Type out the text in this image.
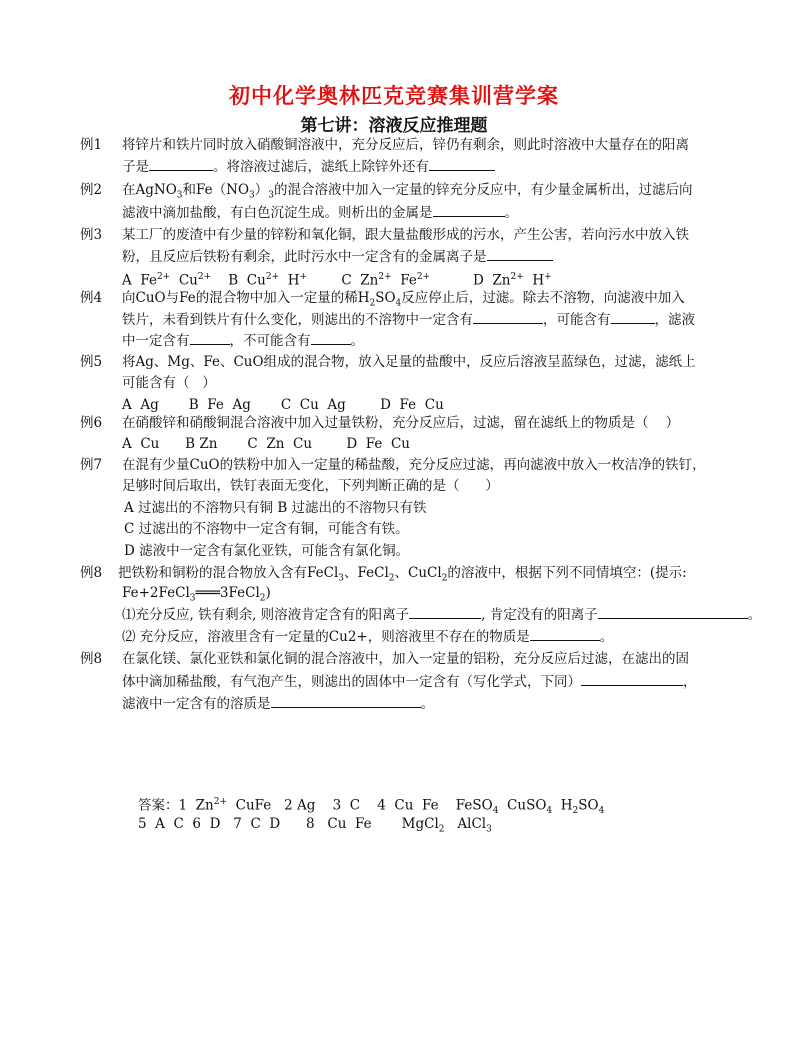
初中化学奥林匹克竞赛集训营学案
第七讲：溶液反应推理题
例1 将锌片和铁片同时放入硝酸铜溶液中，充分反应后，锌仍有剩余，则此时溶液中大量存在的阳离
子是	。将溶液过滤后，滤纸上除锌外还有
例2 在AgNO$_3$和$Fe(NO_3)_3$的混合溶液中加入一定量的锌充分反应中，有少量金属析出，过滤后向
滤液中滴加盐酸，有白色沉淀生成。则析出的金属是	。
例3 某工厂的废渣中有少量的锌粉和氧化铜，跟大量盐酸形成的污水，产生公害，若向污水中放入铁
粉，且反应后铁粉有剩余，此时污水中一定含有的金属离子是
A  $Fe^{2+}$  $Cu^{2+}$    B  $Cu^{2+}$  H+        C  $Zn^{2+}$  $Fe^{2+}$          D  $Zn^{2+}$  H+
例4 向CuO与Fe的混合物中加入一定量的稀$H_2SO_4$反应停止后，过滤。除去不溶物，向滤液中加入
铁片，未看到铁片有什么变化，则滤出的不溶物中一定含有	，可能含有	，滤液
中一定含有	，不可能含有	。
例5 将Ag、Mg、Fe、CuO组成的混合物，放入足量的盐酸中，反应后溶液呈蓝绿色，过滤，滤纸上
可能含有（   ）
A  Ag       B  Fe  Ag       C  Cu  Ag        D  Fe  Cu
例6 在硝酸锌和硝酸铜混合溶液中加入过量铁粉，充分反应后，过滤，留在滤纸上的物质是（    ）
A  Cu      B Zn       C  Zn  Cu        D  Fe  Cu
例7 在混有少量CuO的铁粉中加入一定量的稀盐酸，充分反应过滤，再向滤液中放入一枚洁净的铁钉，
足够时间后取出，铁钉表面无变化，下列判断正确的是（      ）
A 过滤出的不溶物只有铜 B 过滤出的不溶物只有铁
C 过滤出的不溶物中一定含有铜，可能含有铁。
D 滤液中一定含有氯化亚铁，可能含有氯化铜。
例8 把铁粉和铜粉的混合物放入含有FeCl$_3$、FeCl$_2$、CuCl$_2$的溶液中，根据下列不同情填空：(提示:
Fe+2FeCl$_3$═══3FeCl$_2$)
⑴充分反应, 铁有剩余, 则溶液肯定含有的阳离子	, 肯定没有的阳离子	。
⑵ 充分反应，溶液里含有一定量的Cu2+，则溶液里不存在的物质是	。
例8 在氯化镁、氯化亚铁和氯化铜的混合溶液中，加入一定量的铝粉，充分反应后过滤，在滤出的固
体中滴加稀盐酸，有气泡产生，则滤出的固体中一定含有（写化学式，下同）	，
滤液中一定含有的溶质是	。
答案：1  $Zn^{2+}$  CuFe   2 Ag    3  C    4  Cu  Fe    FeSO$_4$  CuSO$_4$  $H_2SO_4$
5  A  C  6  D   7  C  D      8   Cu  Fe       MgCl$_2$   AlCl$_3$
